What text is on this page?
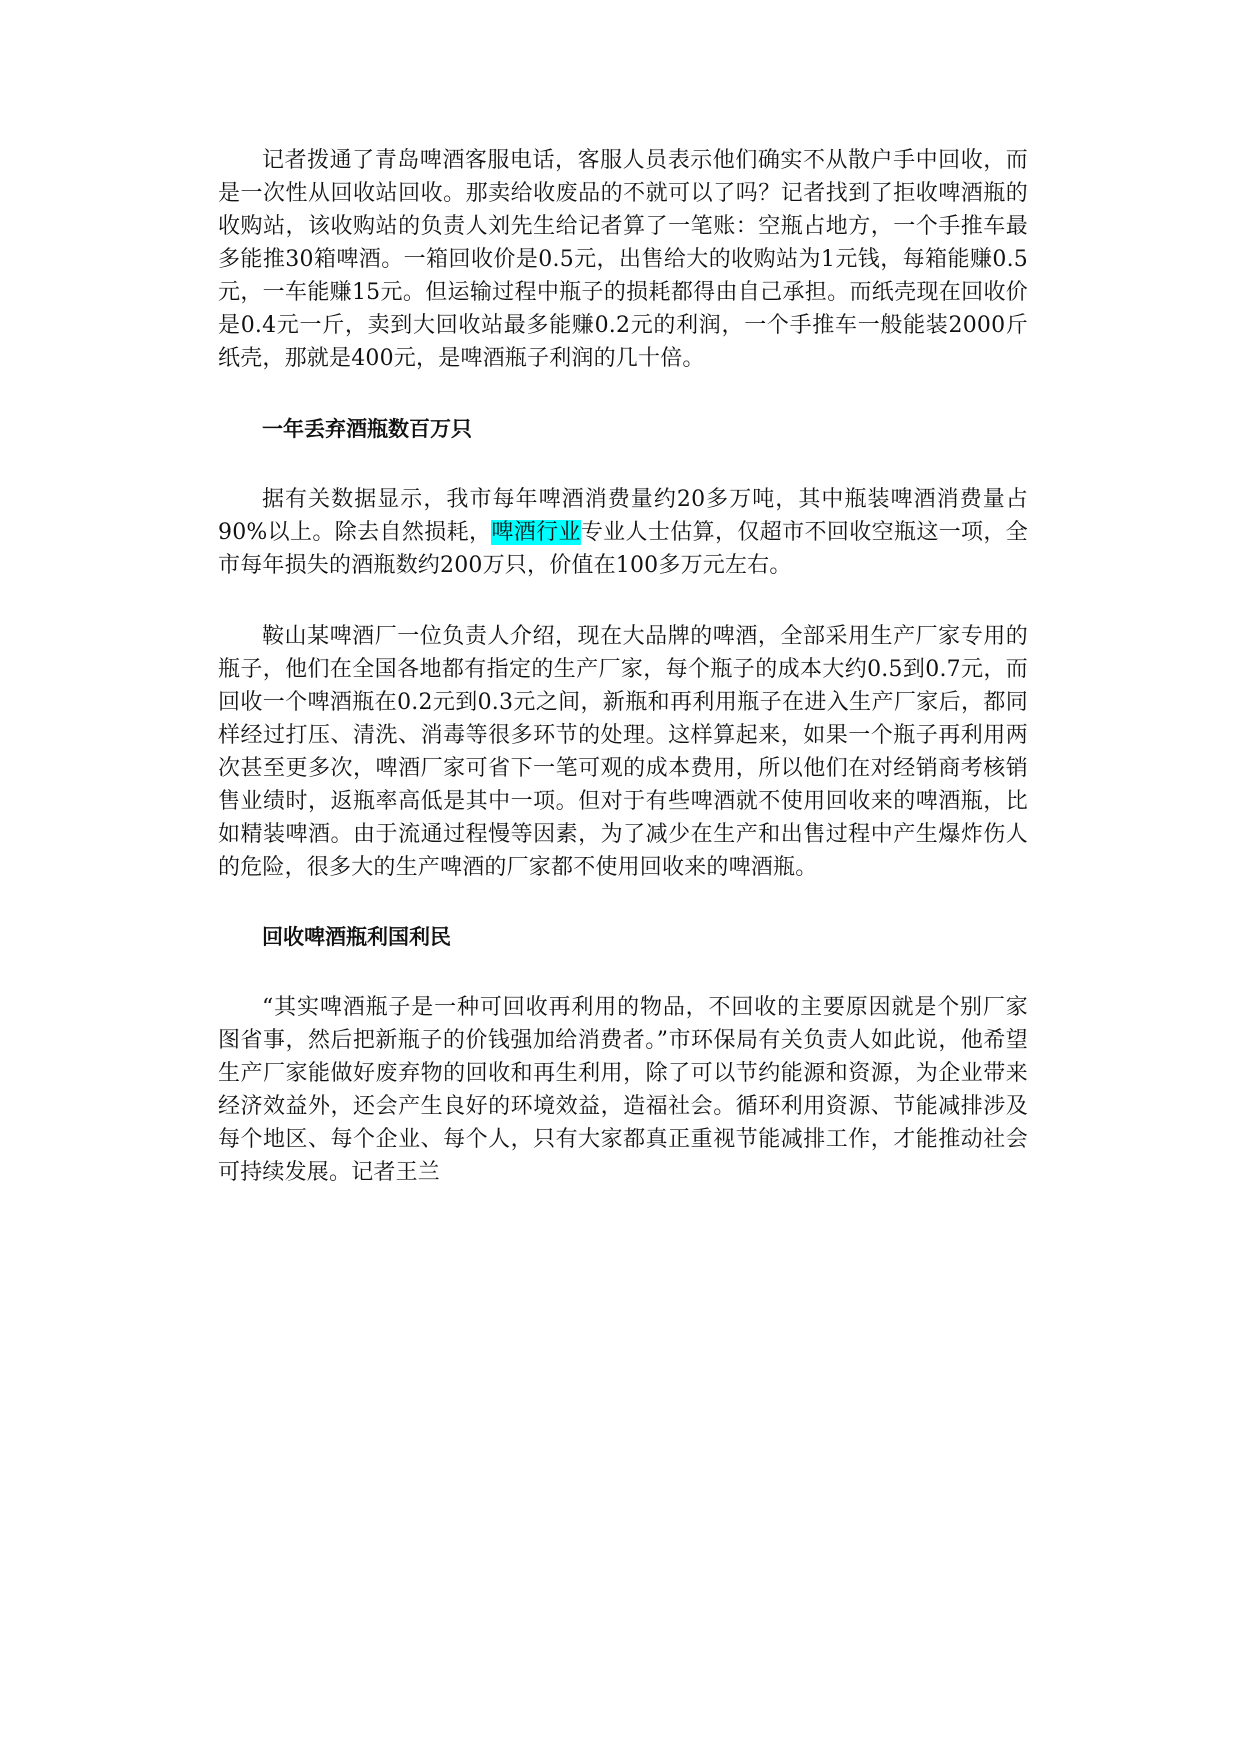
记者拨通了青岛啤酒客服电话，客服人员表示他们确实不从散户手中回收，而是一次性从回收站回收。那卖给收废品的不就可以了吗？记者找到了拒收啤酒瓶的收购站，该收购站的负责人刘先生给记者算了一笔账：空瓶占地方，一个手推车最多能推30箱啤酒。一箱回收价是0.5元，出售给大的收购站为1元钱，每箱能赚0.5元，一车能赚15元。但运输过程中瓶子的损耗都得由自己承担。而纸壳现在回收价是0.4元一斤，卖到大回收站最多能赚0.2元的利润，一个手推车一般能装2000斤纸壳，那就是400元，是啤酒瓶子利润的几十倍。

一年丢弃酒瓶数百万只

据有关数据显示，我市每年啤酒消费量约20多万吨，其中瓶装啤酒消费量占90%以上。除去自然损耗，啤酒行业专业人士估算，仅超市不回收空瓶这一项，全市每年损失的酒瓶数约200万只，价值在100多万元左右。

鞍山某啤酒厂一位负责人介绍，现在大品牌的啤酒，全部采用生产厂家专用的瓶子，他们在全国各地都有指定的生产厂家，每个瓶子的成本大约0.5到0.7元，而回收一个啤酒瓶在0.2元到0.3元之间，新瓶和再利用瓶子在进入生产厂家后，都同样经过打压、清洗、消毒等很多环节的处理。这样算起来，如果一个瓶子再利用两次甚至更多次，啤酒厂家可省下一笔可观的成本费用，所以他们在对经销商考核销售业绩时，返瓶率高低是其中一项。但对于有些啤酒就不使用回收来的啤酒瓶，比如精装啤酒。由于流通过程慢等因素，为了减少在生产和出售过程中产生爆炸伤人的危险，很多大的生产啤酒的厂家都不使用回收来的啤酒瓶。

回收啤酒瓶利国利民

“其实啤酒瓶子是一种可回收再利用的物品，不回收的主要原因就是个别厂家图省事，然后把新瓶子的价钱强加给消费者。”市环保局有关负责人如此说，他希望生产厂家能做好废弃物的回收和再生利用，除了可以节约能源和资源，为企业带来经济效益外，还会产生良好的环境效益，造福社会。循环利用资源、节能减排涉及每个地区、每个企业、每个人，只有大家都真正重视节能减排工作，才能推动社会可持续发展。记者王兰
